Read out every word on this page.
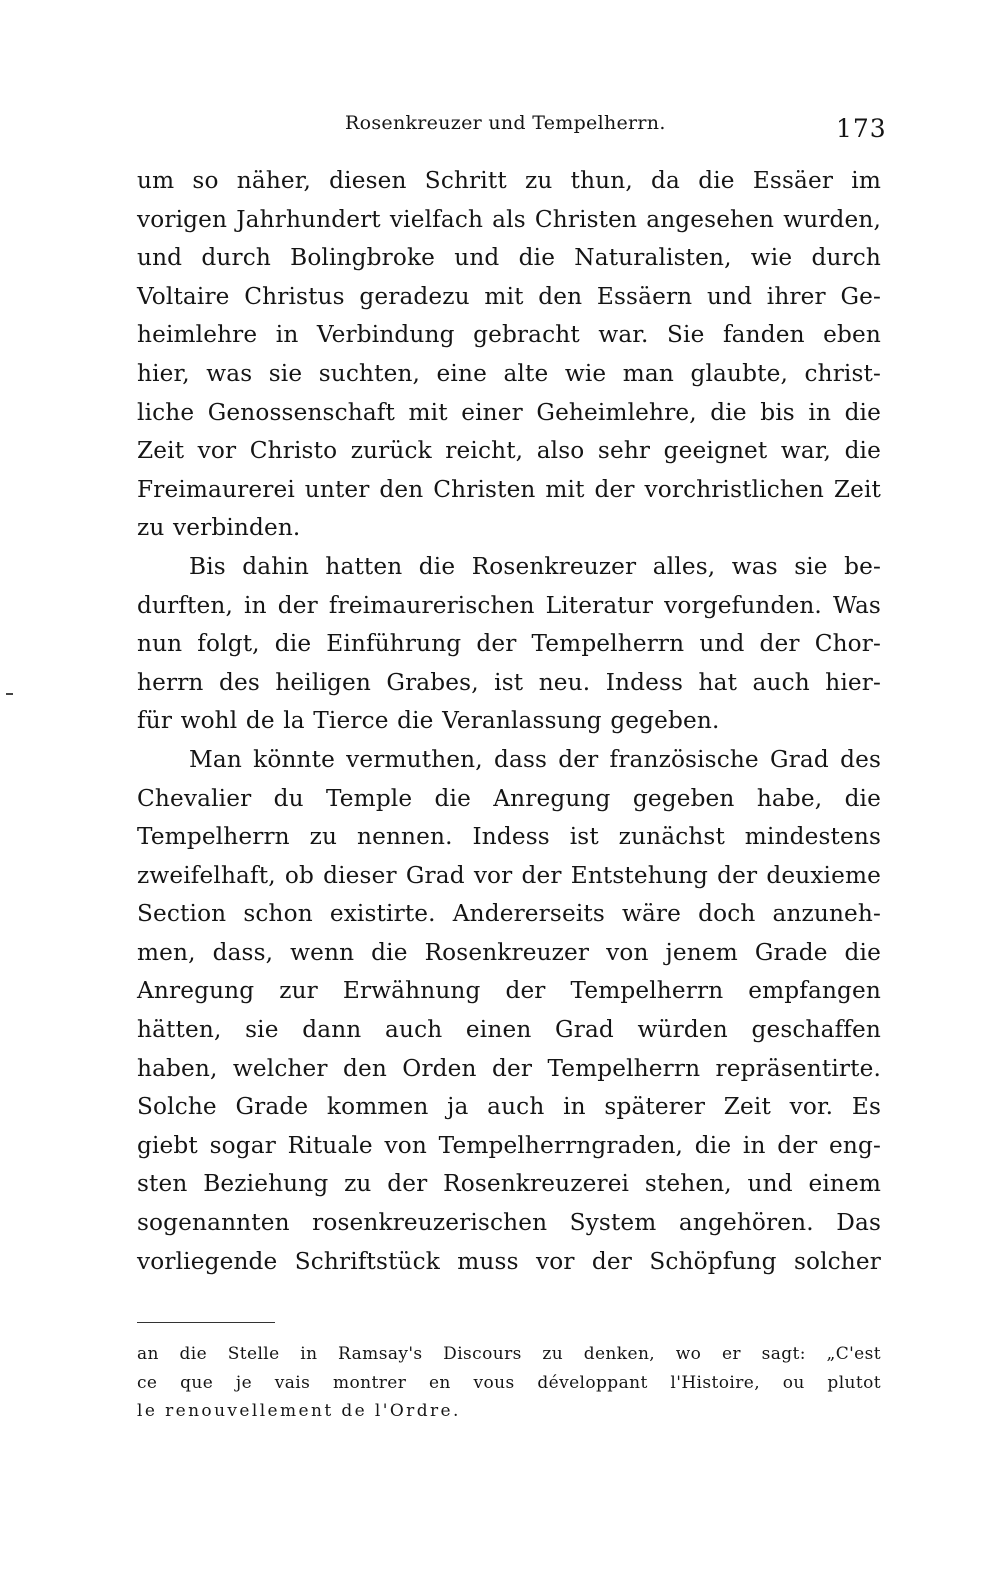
Rosenkreuzer und Tempelherrn.	173
um so näher, diesen Schritt zu thun, da die Essäer im
vorigen Jahrhundert vielfach als Christen angesehen wurden,
und durch Bolingbroke und die Naturalisten, wie durch
Voltaire Christus geradezu mit den Essäern und ihrer Ge-
heimlehre in Verbindung gebracht war. Sie fanden eben
hier, was sie suchten, eine alte wie man glaubte, christ-
liche Genossenschaft mit einer Geheimlehre, die bis in die
Zeit vor Christo zurück reicht, also sehr geeignet war, die
Freimaurerei unter den Christen mit der vorchristlichen Zeit
zu verbinden.
Bis dahin hatten die Rosenkreuzer alles, was sie be-
durften, in der freimaurerischen Literatur vorgefunden. Was
nun folgt, die Einführung der Tempelherrn und der Chor-
herrn des heiligen Grabes, ist neu. Indess hat auch hier-
für wohl de la Tierce die Veranlassung gegeben.
Man könnte vermuthen, dass der französische Grad des
Chevalier du Temple die Anregung gegeben habe, die
Tempelherrn zu nennen. Indess ist zunächst mindestens
zweifelhaft, ob dieser Grad vor der Entstehung der deuxieme
Section schon existirte. Andererseits wäre doch anzuneh-
men, dass, wenn die Rosenkreuzer von jenem Grade die
Anregung zur Erwähnung der Tempelherrn empfangen
hätten, sie dann auch einen Grad würden geschaffen
haben, welcher den Orden der Tempelherrn repräsentirte.
Solche Grade kommen ja auch in späterer Zeit vor. Es
giebt sogar Rituale von Tempelherrngraden, die in der eng-
sten Beziehung zu der Rosenkreuzerei stehen, und einem
sogenannten rosenkreuzerischen System angehören. Das
vorliegende Schriftstück muss vor der Schöpfung solcher
an die Stelle in Ramsay's Discours zu denken, wo er sagt: „C'est
ce que je vais montrer en vous développant l'Histoire, ou plutot
le renouvellement de l'Ordre.
